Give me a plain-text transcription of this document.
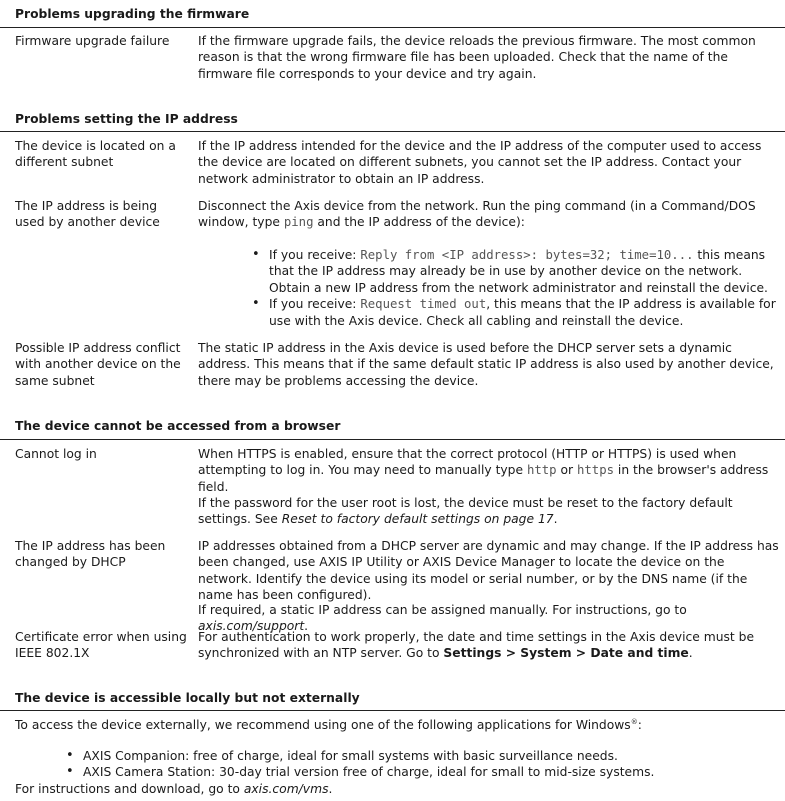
Problems upgrading the firmware
Firmware upgrade failure	If the firmware upgrade fails, the device reloads the previous firmware. The most common reason is that the wrong firmware file has been uploaded. Check that the name of the firmware file corresponds to your device and try again.
Problems setting the IP address
The device is located on a different subnet
If the IP address intended for the device and the IP address of the computer used to access the device are located on different subnets, you cannot set the IP address. Contact your network administrator to obtain an IP address.
The IP address is being used by another device
Disconnect the Axis device from the network. Run the ping command (in a Command/DOS window, type ping and the IP address of the device):
• If you receive: Reply from <IP address>: bytes=32; time=10... this means that the IP address may already be in use by another device on the network. Obtain a new IP address from the network administrator and reinstall the device.
• If you receive: Request timed out, this means that the IP address is available for use with the Axis device. Check all cabling and reinstall the device.
Possible IP address conflict with another device on the same subnet
The static IP address in the Axis device is used before the DHCP server sets a dynamic address. This means that if the same default static IP address is also used by another device, there may be problems accessing the device.
The device cannot be accessed from a browser
Cannot log in	When HTTPS is enabled, ensure that the correct protocol (HTTP or HTTPS) is used when attempting to log in. You may need to manually type http or https in the browser's address field.
If the password for the user root is lost, the device must be reset to the factory default settings. See Reset to factory default settings on page 17.
The IP address has been changed by DHCP
IP addresses obtained from a DHCP server are dynamic and may change. If the IP address has been changed, use AXIS IP Utility or AXIS Device Manager to locate the device on the network. Identify the device using its model or serial number, or by the DNS name (if the name has been configured).
If required, a static IP address can be assigned manually. For instructions, go to axis.com/support.
Certificate error when using IEEE 802.1X
For authentication to work properly, the date and time settings in the Axis device must be synchronized with an NTP server. Go to Settings > System > Date and time.
The device is accessible locally but not externally
To access the device externally, we recommend using one of the following applications for Windows®:
• AXIS Companion: free of charge, ideal for small systems with basic surveillance needs.
• AXIS Camera Station: 30-day trial version free of charge, ideal for small to mid-size systems.
For instructions and download, go to axis.com/vms.
